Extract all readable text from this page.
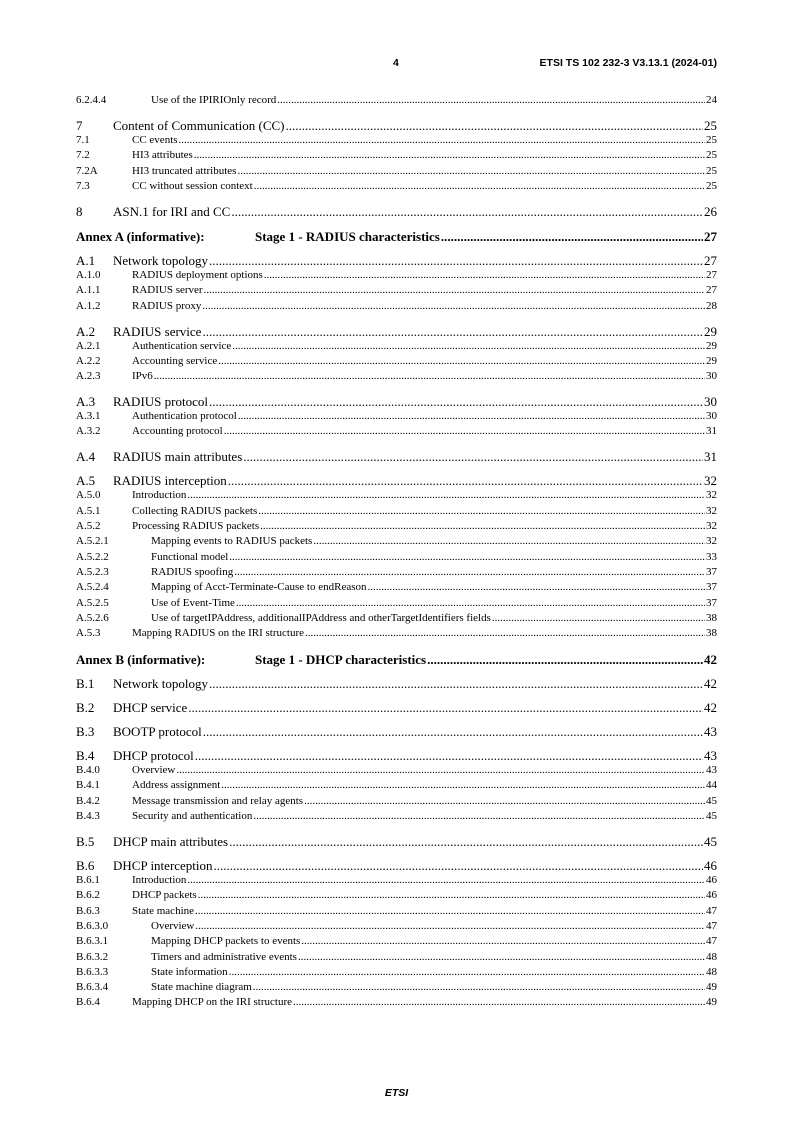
4	ETSI TS 102 232-3 V3.13.1 (2024-01)
6.2.4.4	Use of the IPIRIOnly record .....	24
7	Content of Communication (CC) .....	25
7.1	CC events .....	25
7.2	HI3 attributes .....	25
7.2A	HI3 truncated attributes .....	25
7.3	CC without session context .....	25
8	ASN.1 for IRI and CC .....	26
Annex A (informative):	Stage 1 - RADIUS characteristics .....	27
A.1	Network topology .....	27
A.1.0	RADIUS deployment options .....	27
A.1.1	RADIUS server .....	27
A.1.2	RADIUS proxy .....	28
A.2	RADIUS service .....	29
A.2.1	Authentication service .....	29
A.2.2	Accounting service .....	29
A.2.3	IPv6 .....	30
A.3	RADIUS protocol .....	30
A.3.1	Authentication protocol .....	30
A.3.2	Accounting protocol .....	31
A.4	RADIUS main attributes .....	31
A.5	RADIUS interception .....	32
A.5.0	Introduction .....	32
A.5.1	Collecting RADIUS packets .....	32
A.5.2	Processing RADIUS packets .....	32
A.5.2.1	Mapping events to RADIUS packets .....	32
A.5.2.2	Functional model .....	33
A.5.2.3	RADIUS spoofing .....	37
A.5.2.4	Mapping of Acct-Terminate-Cause to endReason .....	37
A.5.2.5	Use of Event-Time .....	37
A.5.2.6	Use of targetIPAddress, additionalIPAddress and otherTargetIdentifiers fields .....	38
A.5.3	Mapping RADIUS on the IRI structure .....	38
Annex B (informative):	Stage 1 - DHCP characteristics .....	42
B.1	Network topology .....	42
B.2	DHCP service .....	42
B.3	BOOTP protocol .....	43
B.4	DHCP protocol .....	43
B.4.0	Overview .....	43
B.4.1	Address assignment .....	44
B.4.2	Message transmission and relay agents .....	45
B.4.3	Security and authentication .....	45
B.5	DHCP main attributes .....	45
B.6	DHCP interception .....	46
B.6.1	Introduction .....	46
B.6.2	DHCP packets .....	46
B.6.3	State machine .....	47
B.6.3.0	Overview .....	47
B.6.3.1	Mapping DHCP packets to events .....	47
B.6.3.2	Timers and administrative events .....	48
B.6.3.3	State information .....	48
B.6.3.4	State machine diagram .....	49
B.6.4	Mapping DHCP on the IRI structure .....	49
ETSI
